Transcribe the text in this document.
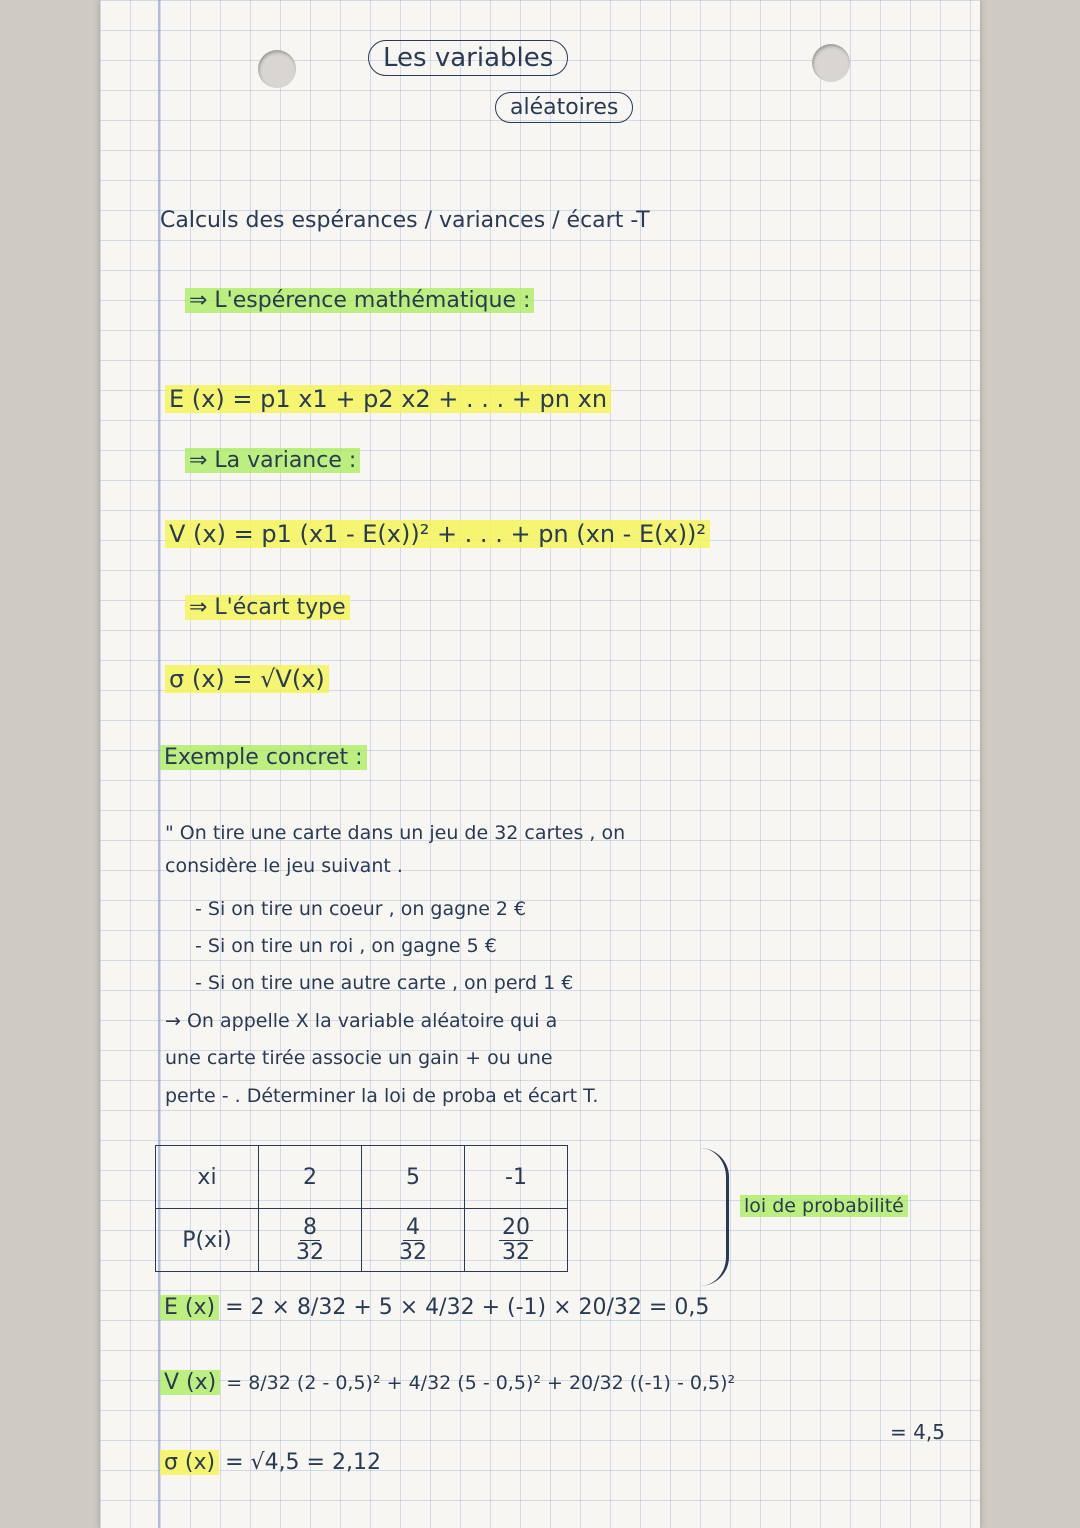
Les variables
aléatoires
Calculs des espérances / variances / écart -T
⇒ L'espérence mathématique :
E (x) = p1 x1 + p2 x2 + . . . + pn xn
⇒ La variance :
V (x) = p1 (x1 - E(x))² + . . . + pn (xn - E(x))²
⇒ L'écart type
σ (x) = √V(x)
Exemple concret :
" On tire une carte dans un jeu de 32 cartes , on
considère le jeu suivant .
- Si on tire un coeur , on gagne 2 €
- Si on tire un roi , on gagne 5 €
- Si on tire une autre carte , on perd 1 €
→ On appelle X la variable aléatoire qui a
une carte tirée associe un gain + ou une
perte - . Déterminer la loi de proba et écart T.
loi de probabilité
E (x) = 2 × 8/32 + 5 × 4/32 + (-1) × 20/32 = 0,5
V (x) = 8/32 (2 - 0,5)² + 4/32 (5 - 0,5)² + 20/32 ((-1) - 0,5)²
= 4,5
σ (x) = √4,5 = 2,12
xi	2	5	-1
P(xi)	$\frac{8}{32}$	$\frac{4}{32}$	$\frac{20}{32}$
